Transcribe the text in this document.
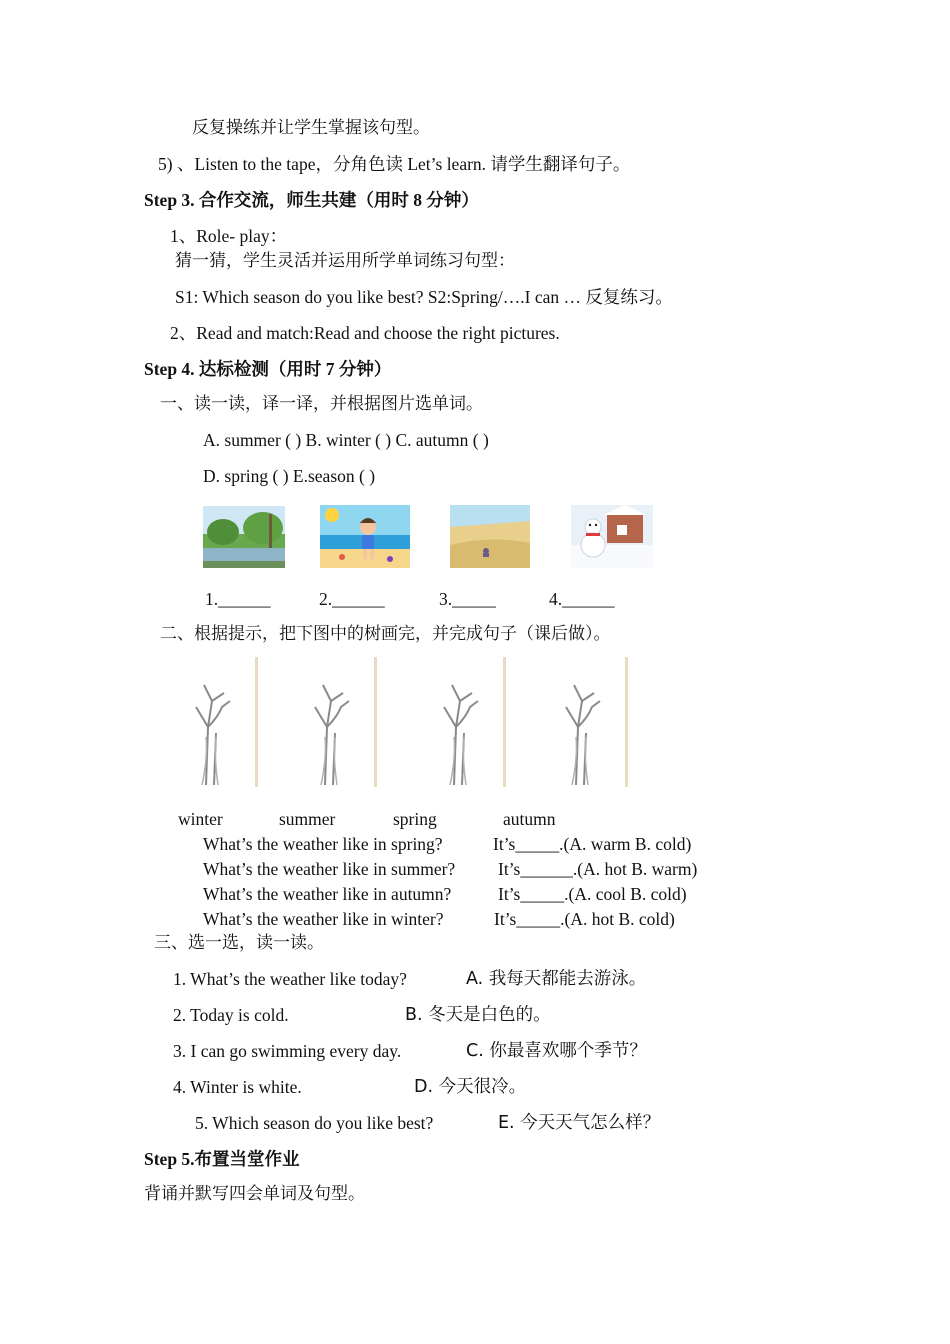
反复操练并让学生掌握该句型。
5) 、Listen to the tape，分角色读 Let’s learn. 请学生翻译句子。
Step 3. 合作交流，师生共建（用时 8 分钟）
1、Role- play：
猜一猜，学生灵活并运用所学单词练习句型：
S1: Which season do you like best? S2:Spring/….I can … 反复练习。
2、Read and match:Read and choose the right pictures.
Step 4. 达标检测（用时 7 分钟）
一、读一读，译一译，并根据图片选单词。
A. summer ( ) B. winter ( ) C. autumn ( )
D. spring ( ) E.season ( )
1.______	2.______	3._____	4.______
二、根据提示，把下图中的树画完，并完成句子（课后做）。
winter	summer	spring	autumn
What’s the weather like in spring?	It’s_____.(A. warm B. cold)
What’s the weather like in summer? It’s______.(A. hot B. warm)
What’s the weather like in autumn?	It’s_____.(A. cool B. cold)
What’s the weather like in winter?	It’s_____.(A. hot B. cold)
三、选一选，读一读。
1. What’s the weather like today?	A. 我每天都能去游泳。
2. Today is cold.	B. 冬天是白色的。
3. I can go swimming every day.	C. 你最喜欢哪个季节？
4. Winter is white.	D. 今天很冷。
5. Which season do you like best?	E. 今天天气怎么样？
Step 5.布置当堂作业
背诵并默写四会单词及句型。
